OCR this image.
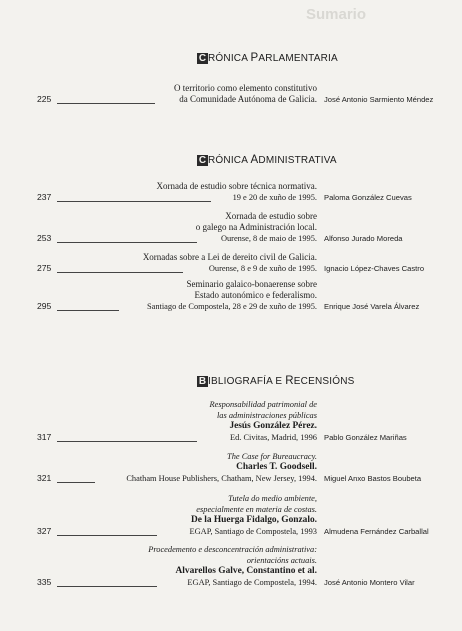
Sumario
C RÓNICA PARLAMENTARIA
O territorio como elemento constitutivo
da Comunidade Autónoma de Galicia.
225	José Antonio Sarmiento Méndez
C RÓNICA ADMINISTRATIVA
Xornada de estudio sobre técnica normativa.
19 e 20 de xuño de 1995.
237	Paloma González Cuevas
Xornada de estudio sobre
o galego na Administración local.
Ourense, 8 de maio de 1995.
253	Alfonso Jurado Moreda
Xornadas sobre a Lei de dereito civil de Galicia.
Ourense, 8 e 9 de xuño de 1995.
275	Ignacio López-Chaves Castro
Seminario galaico-bonaerense sobre
Estado autonómico e federalismo.
Santiago de Compostela, 28 e 29 de xuño de 1995.
295	Enrique José Varela Álvarez
B IBLIOGRAFÍA E RECENSIÓNS
Responsabilidad patrimonial de
las administraciones públicas
Jesús González Pérez.
Ed. Civitas, Madrid, 1996
317	Pablo González Mariñas
The Case for Bureaucracy.
Charles T. Goodsell.
Chatham House Publishers, Chatham, New Jersey, 1994.
321	Miguel Anxo Bastos Boubeta
Tutela do medio ambiente,
especialmente en materia de costas.
De la Huerga Fidalgo, Gonzalo.
EGAP, Santiago de Compostela, 1993
327	Almudena Fernández Carballal
Procedemento e desconcentración administrativa:
orientacións actuais.
Alvarellos Galve, Constantino et al.
EGAP, Santiago de Compostela, 1994.
335	José Antonio Montero Vilar
